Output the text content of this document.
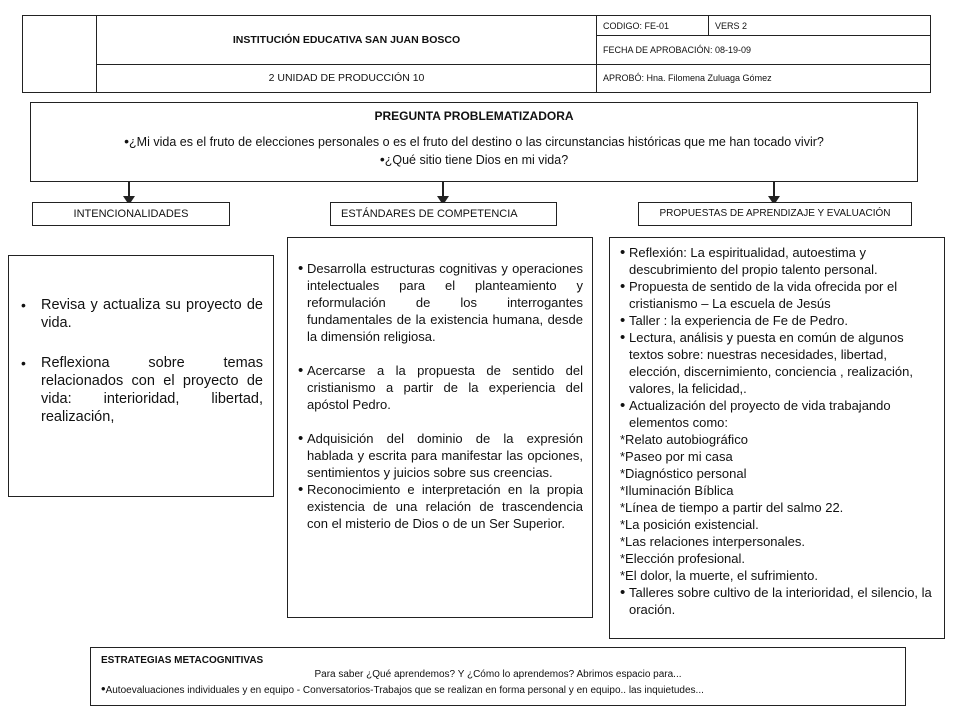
	INSTITUCIÓN EDUCATIVA SAN JUAN BOSCO	CODIGO: FE-01	VERS 2
		FECHA DE APROBACIÓN: 08-19-09	
	2 UNIDAD DE PRODUCCIÓN 10	APROBÓ: Hna. Filomena Zuluaga Gómez	
PREGUNTA PROBLEMATIZADORA
•¿Mi vida es el fruto de elecciones personales o es el fruto del destino o las circunstancias históricas que me han tocado vivir?
•¿Qué sitio tiene Dios en mi vida?
INTENCIONALIDADES	ESTÁNDARES DE COMPETENCIA	PROPUESTAS DE APRENDIZAJE Y EVALUACIÓN
•	Revisa y actualiza su proyecto de vida.
•	Reflexiona sobre temas relacionados con el proyecto de vida: interioridad, libertad, realización,
• Desarrolla estructuras cognitivas y operaciones intelectuales para el planteamiento y reformulación de los interrogantes fundamentales de la existencia humana, desde la dimensión religiosa.
• Acercarse a la propuesta de sentido del cristianismo a partir de la experiencia del apóstol Pedro.
• Adquisición del dominio de la expresión hablada y escrita para manifestar las opciones, sentimientos y juicios sobre sus creencias.
• Reconocimiento e interpretación en la propia existencia de una relación de trascendencia con el misterio de Dios o de un Ser Superior.
• Reflexión: La espiritualidad, autoestima y descubrimiento del propio talento personal.
• Propuesta de sentido de la vida ofrecida por el cristianismo – La escuela de Jesús
• Taller : la experiencia de Fe de Pedro.
• Lectura, análisis y puesta en común de algunos textos sobre: nuestras necesidades, libertad, elección, discernimiento, conciencia , realización, valores, la felicidad,.
• Actualización del proyecto de vida trabajando elementos como:
*Relato autobiográfico
*Paseo por mi casa
*Diagnóstico personal
*Iluminación Bíblica
*Línea de tiempo a partir del salmo 22.
*La posición existencial.
*Las relaciones interpersonales.
*Elección profesional.
*El dolor, la muerte, el sufrimiento.
• Talleres sobre cultivo de la interioridad, el silencio, la oración.
ESTRATEGIAS METACOGNITIVAS
Para saber ¿Qué aprendemos? Y ¿Cómo lo aprendemos? Abrimos espacio para...
•Autoevaluaciones individuales y en equipo - Conversatorios-Trabajos que se realizan en forma personal y en equipo.. las inquietudes...
